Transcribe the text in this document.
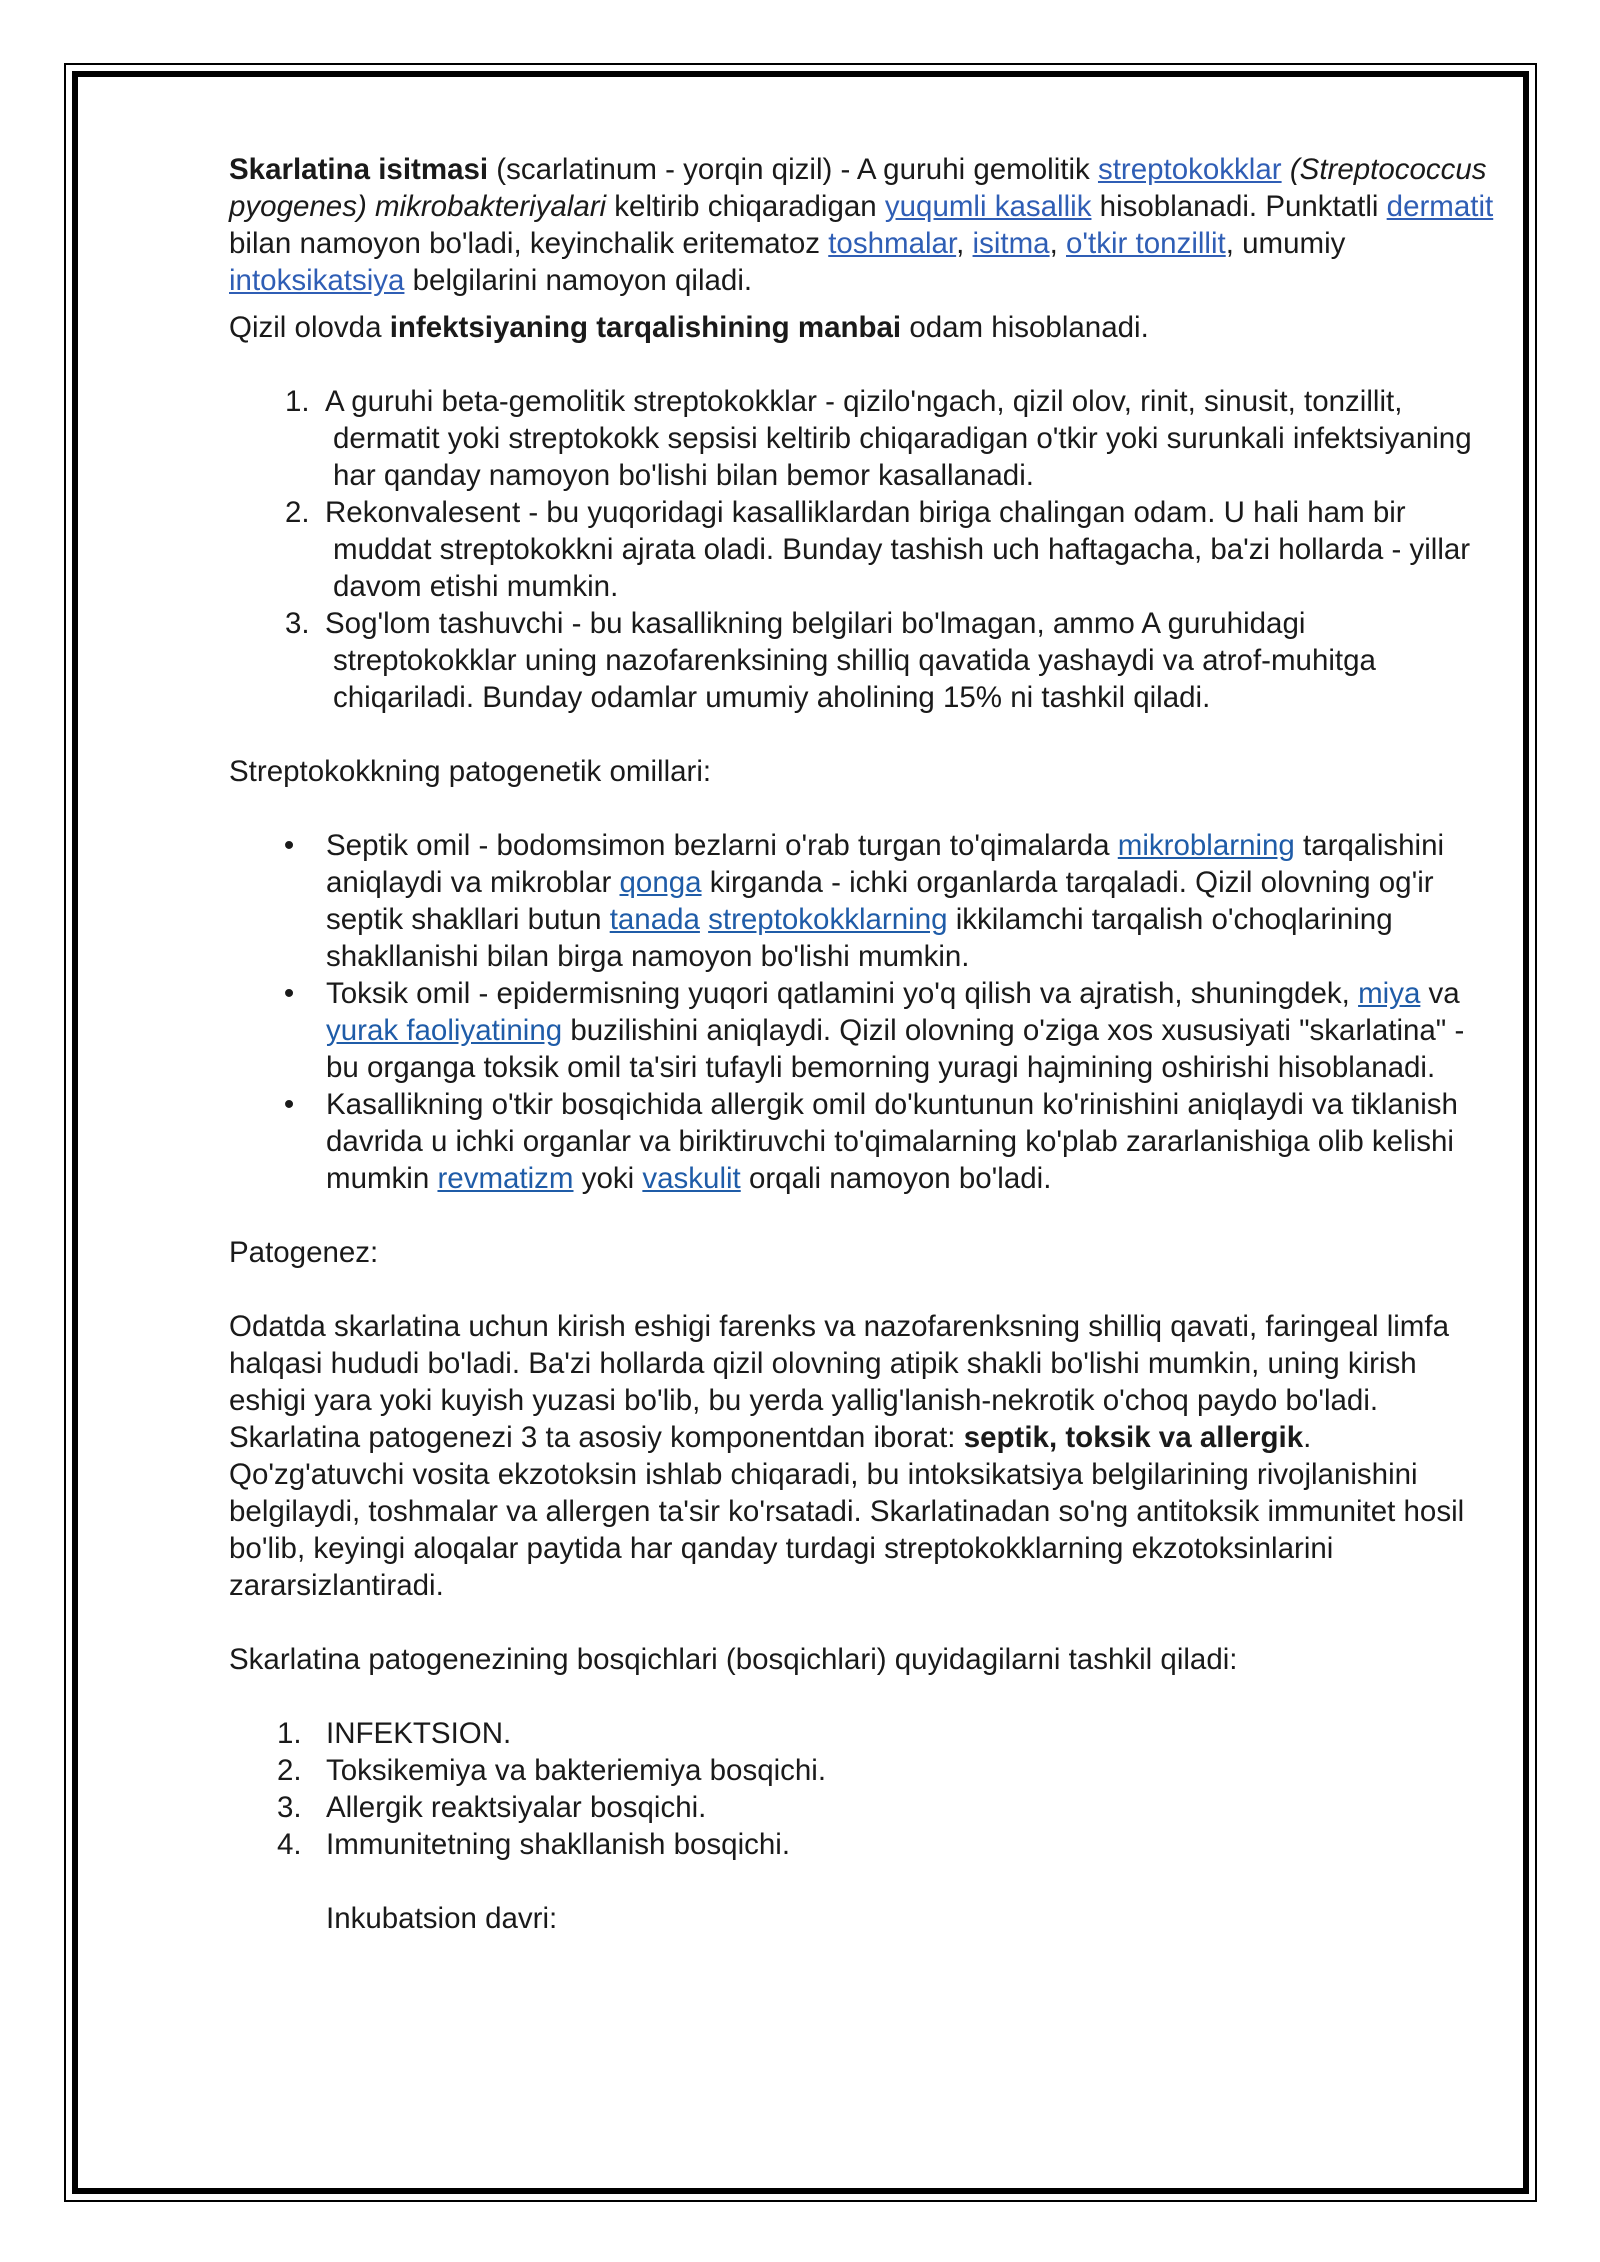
Skarlatina isitmasi (scarlatinum - yorqin qizil) - A guruhi gemolitik streptokokklar (Streptococcus pyogenes) mikrobakteriyalari keltirib chiqaradigan yuqumli kasallik hisoblanadi. Punktatli dermatit bilan namoyon bo'ladi, keyinchalik eritematoz toshmalar, isitma, o'tkir tonzillit, umumiy intoksikatsiya belgilarini namoyon qiladi.

Qizil olovda infektsiyaning tarqalishining manbai odam hisoblanadi.

1. A guruhi beta-gemolitik streptokokklar - qizilo'ngach, qizil olov, rinit, sinusit, tonzillit, dermatit yoki streptokokk sepsisi keltirib chiqaradigan o'tkir yoki surunkali infektsiyaning har qanday namoyon bo'lishi bilan bemor kasallanadi.
2. Rekonvalesent - bu yuqoridagi kasalliklardan biriga chalingan odam. U hali ham bir muddat streptokokkni ajrata oladi. Bunday tashish uch haftagacha, ba'zi hollarda - yillar davom etishi mumkin.
3. Sog'lom tashuvchi - bu kasallikning belgilari bo'lmagan, ammo A guruhidagi streptokokklar uning nazofarenksining shilliq qavatida yashaydi va atrof-muhitga chiqariladi. Bunday odamlar umumiy aholining 15% ni tashkil qiladi.

Streptokokkning patogenetik omillari:

• Septik omil - bodomsimon bezlarni o'rab turgan to'qimalarda mikroblarning tarqalishini aniqlaydi va mikroblar qonga kirganda - ichki organlarda tarqaladi. Qizil olovning og'ir septik shakllari butun tanada streptokokklarning ikkilamchi tarqalish o'choqlarining shakllanishi bilan birga namoyon bo'lishi mumkin.
• Toksik omil - epidermisning yuqori qatlamini yo'q qilish va ajratish, shuningdek, miya va yurak faoliyatining buzilishini aniqlaydi. Qizil olovning o'ziga xos xususiyati "skarlatina" - bu organga toksik omil ta'siri tufayli bemorning yuragi hajmining oshirishi hisoblanadi.
• Kasallikning o'tkir bosqichida allergik omil do'kuntunun ko'rinishini aniqlaydi va tiklanish davrida u ichki organlar va biriktiruvchi to'qimalarning ko'plab zararlanishiga olib kelishi mumkin revmatizm yoki vaskulit orqali namoyon bo'ladi.

Patogenez:

Odatda skarlatina uchun kirish eshigi farenks va nazofarenksning shilliq qavati, faringeal limfa halqasi hududi bo'ladi. Ba'zi hollarda qizil olovning atipik shakli bo'lishi mumkin, uning kirish eshigi yara yoki kuyish yuzasi bo'lib, bu yerda yallig'lanish-nekrotik o'choq paydo bo'ladi. Skarlatina patogenezi 3 ta asosiy komponentdan iborat: septik, toksik va allergik. Qo'zg'atuvchi vosita ekzotoksin ishlab chiqaradi, bu intoksikatsiya belgilarining rivojlanishini belgilaydi, toshmalar va allergen ta'sir ko'rsatadi. Skarlatinadan so'ng antitoksik immunitet hosil bo'lib, keyingi aloqalar paytida har qanday turdagi streptokokklarning ekzotoksinlarini zararsizlantiradi.

Skarlatina patogenezining bosqichlari (bosqichlari) quyidagilarni tashkil qiladi:

1. INFEKTSION.
2. Toksikemiya va bakteriemiya bosqichi.
3. Allergik reaktsiyalar bosqichi.
4. Immunitetning shakllanish bosqichi.

Inkubatsion davri:
